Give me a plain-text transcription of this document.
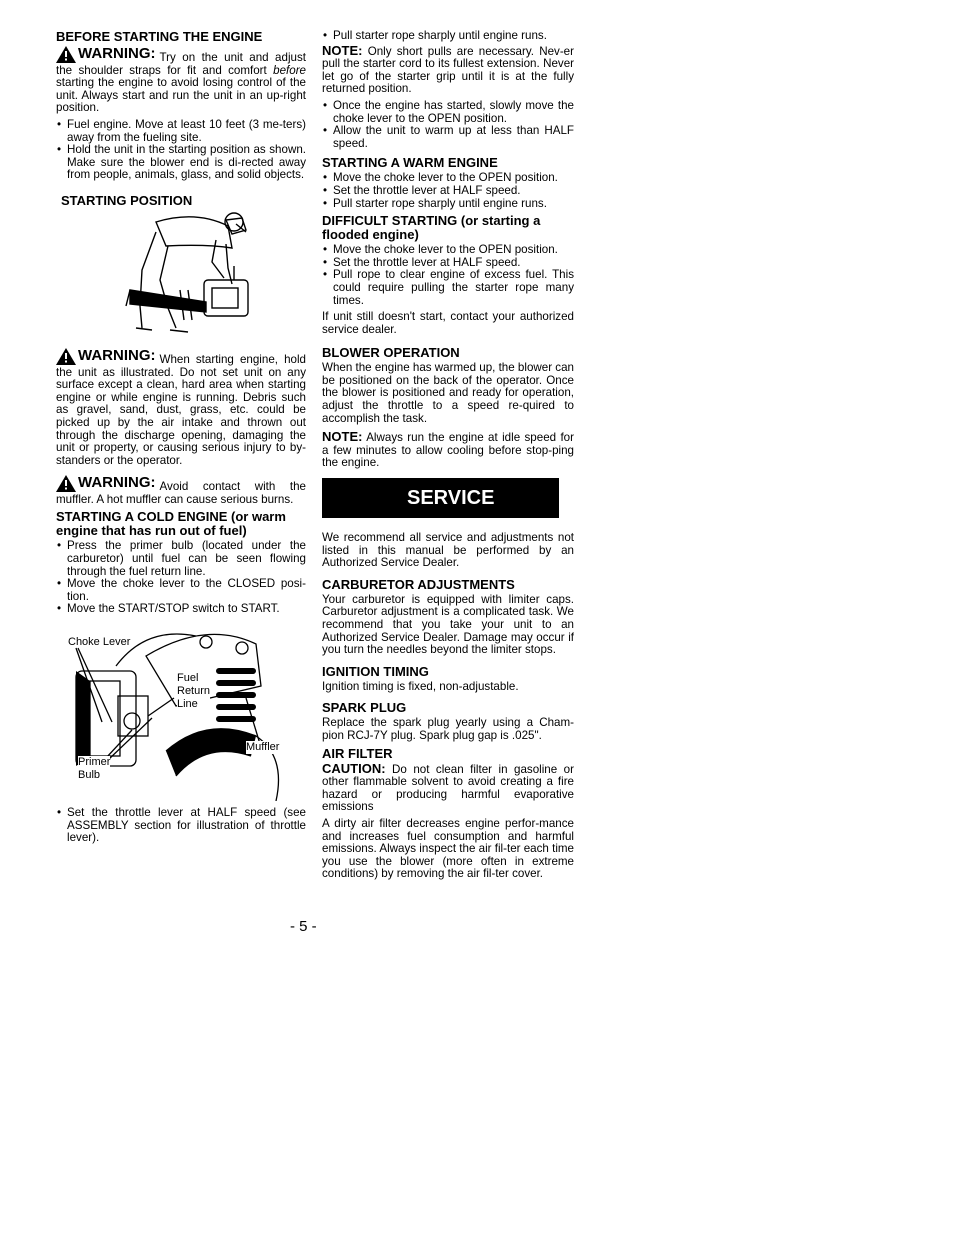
BEFORE STARTING THE ENGINE

WARNING: Try on the unit and adjust the shoulder straps for fit and comfort before starting the engine to avoid losing control of the unit. Always start and run the unit in an up-right position.

• Fuel engine. Move at least 10 feet (3 me-ters) away from the fueling site.
• Hold the unit in the starting position as shown. Make sure the blower end is di-rected away from people, animals, glass, and solid objects.
STARTING POSITION

WARNING: When starting engine, hold the unit as illustrated. Do not set unit on any surface except a clean, hard area when starting engine or while engine is running. Debris such as gravel, sand, dust, grass, etc. could be picked up by the air intake and thrown out through the discharge opening, damaging the unit or property, or causing serious injury to by-standers or the operator.

WARNING: Avoid contact with the muffler. A hot muffler can cause serious burns.

STARTING A COLD ENGINE (or warm engine that has run out of fuel)
• Press the primer bulb (located under the carburetor) until fuel can be seen flowing through the fuel return line.
• Move the choke lever to the CLOSED posi-tion.
• Move the START/STOP switch to START.
Choke Lever
Fuel
Return
Line
Muffler
Primer
Bulb
START
• Set the throttle lever at HALF speed (see ASSEMBLY section for illustration of throttle lever).
• Pull starter rope sharply until engine runs.

NOTE: Only short pulls are necessary. Nev-er pull the starter cord to its fullest extension. Never let go of the starter grip until it is at the fully returned position.

• Once the engine has started, slowly move the choke lever to the OPEN position.
• Allow the unit to warm up at less than HALF speed.
STARTING A WARM ENGINE
• Move the choke lever to the OPEN position.
• Set the throttle lever at HALF speed.
• Pull starter rope sharply until engine runs.
DIFFICULT STARTING (or starting a flooded engine)
• Move the choke lever to the OPEN position.
• Set the throttle lever at HALF speed.
• Pull rope to clear engine of excess fuel. This could require pulling the starter rope many times.

If unit still doesn't start, contact your authorized service dealer.

BLOWER OPERATION

When the engine has warmed up, the blower can be positioned on the back of the operator. Once the blower is positioned and ready for operation, adjust the throttle to a speed re-quired to accomplish the task.

NOTE: Always run the engine at idle speed for a few minutes to allow cooling before stop-ping the engine.

SERVICE

We recommend all service and adjustments not listed in this manual be performed by an Authorized Service Dealer.

CARBURETOR ADJUSTMENTS

Your carburetor is equipped with limiter caps. Carburetor adjustment is a complicated task. We recommend that you take your unit to an Authorized Service Dealer. Damage may occur if you turn the needles beyond the limiter stops.

IGNITION TIMING

Ignition timing is fixed, non-adjustable.

SPARK PLUG

Replace the spark plug yearly using a Cham-pion RCJ-7Y plug. Spark plug gap is .025".

AIR FILTER

CAUTION: Do not clean filter in gasoline or other flammable solvent to avoid creating a fire hazard or producing harmful evaporative emissions

A dirty air filter decreases engine perfor-mance and increases fuel consumption and harmful emissions. Always inspect the air fil-ter each time you use the blower (more often in extreme conditions) by removing the air fil-ter cover.

- 5 -
